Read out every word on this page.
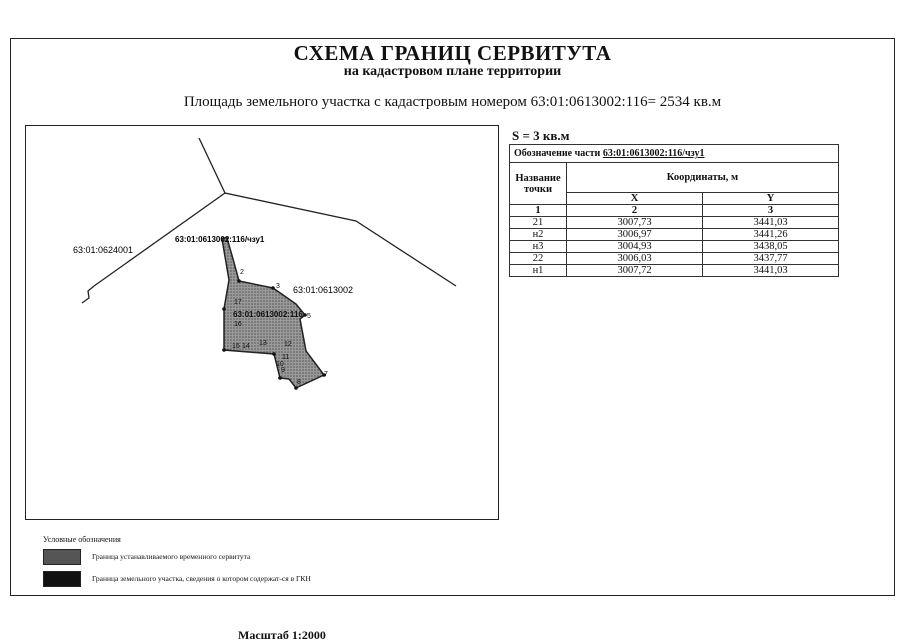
СХЕМА ГРАНИЦ СЕРВИТУТА
на кадастровом плане территории
Площадь земельного участка с кадастровым номером 63:01:0613002:116= 2534 кв.м
63:01:0624001
63:01:0613002:116/чзу1
63:01:0613002
63:01:0613002:116
2
3
5
7
8
9
10
11
12
13
14
15
16
17
Масштаб 1:2000
S = 3 кв.м
Обозначение части 63:01:0613002:116/чзу1		
Название точки	Координаты, м	
	X	Y
1	2	3
21	3007,73	3441,03
н2	3006,97	3441,26
н3	3004,93	3438,05
22	3006,03	3437,77
н1	3007,72	3441,03
Условные обозначения
Граница устанавливаемого временного сервитута
Граница земельного участка, сведения о котором содержат-ся в ГКН
